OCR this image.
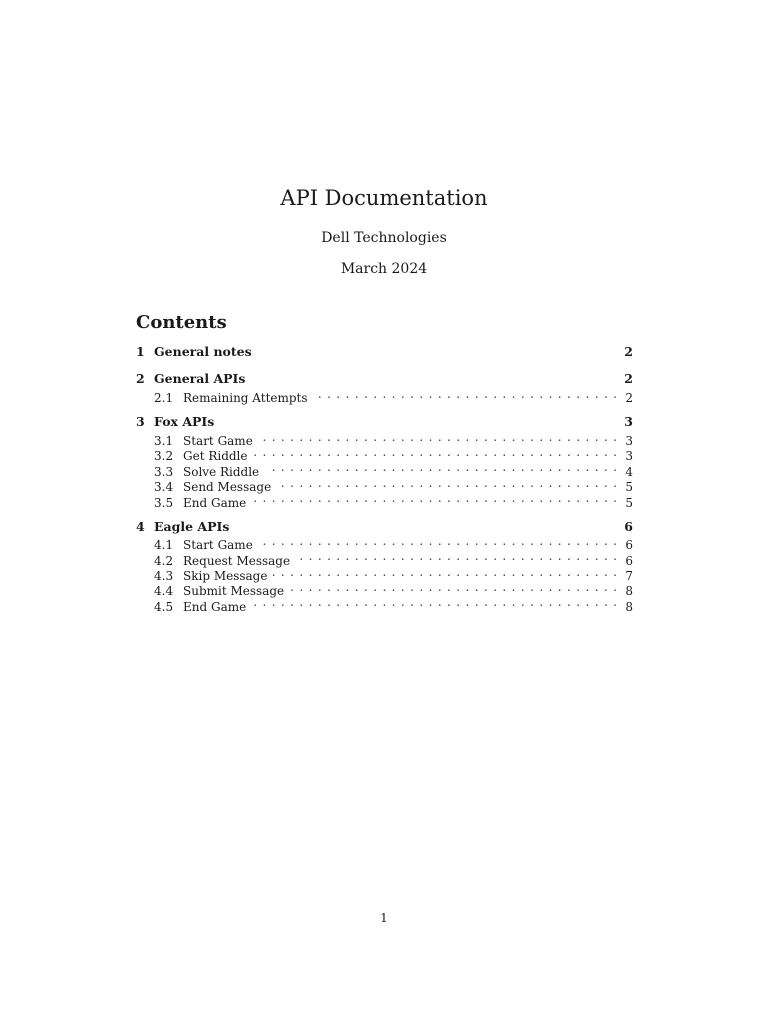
API Documentation
Dell Technologies
March 2024
Contents
1 General notes	2
2 General APIs	2
2.1 Remaining Attempts . . .	2
3 Fox APIs	3
3.1 Start Game . . .	3
3.2 Get Riddle . . .	3
3.3 Solve Riddle . . .	4
3.4 Send Message . . .	5
3.5 End Game . . .	5
4 Eagle APIs	6
4.1 Start Game . . .	6
4.2 Request Message . . .	6
4.3 Skip Message . . .	7
4.4 Submit Message . . .	8
4.5 End Game . . .	8
1
